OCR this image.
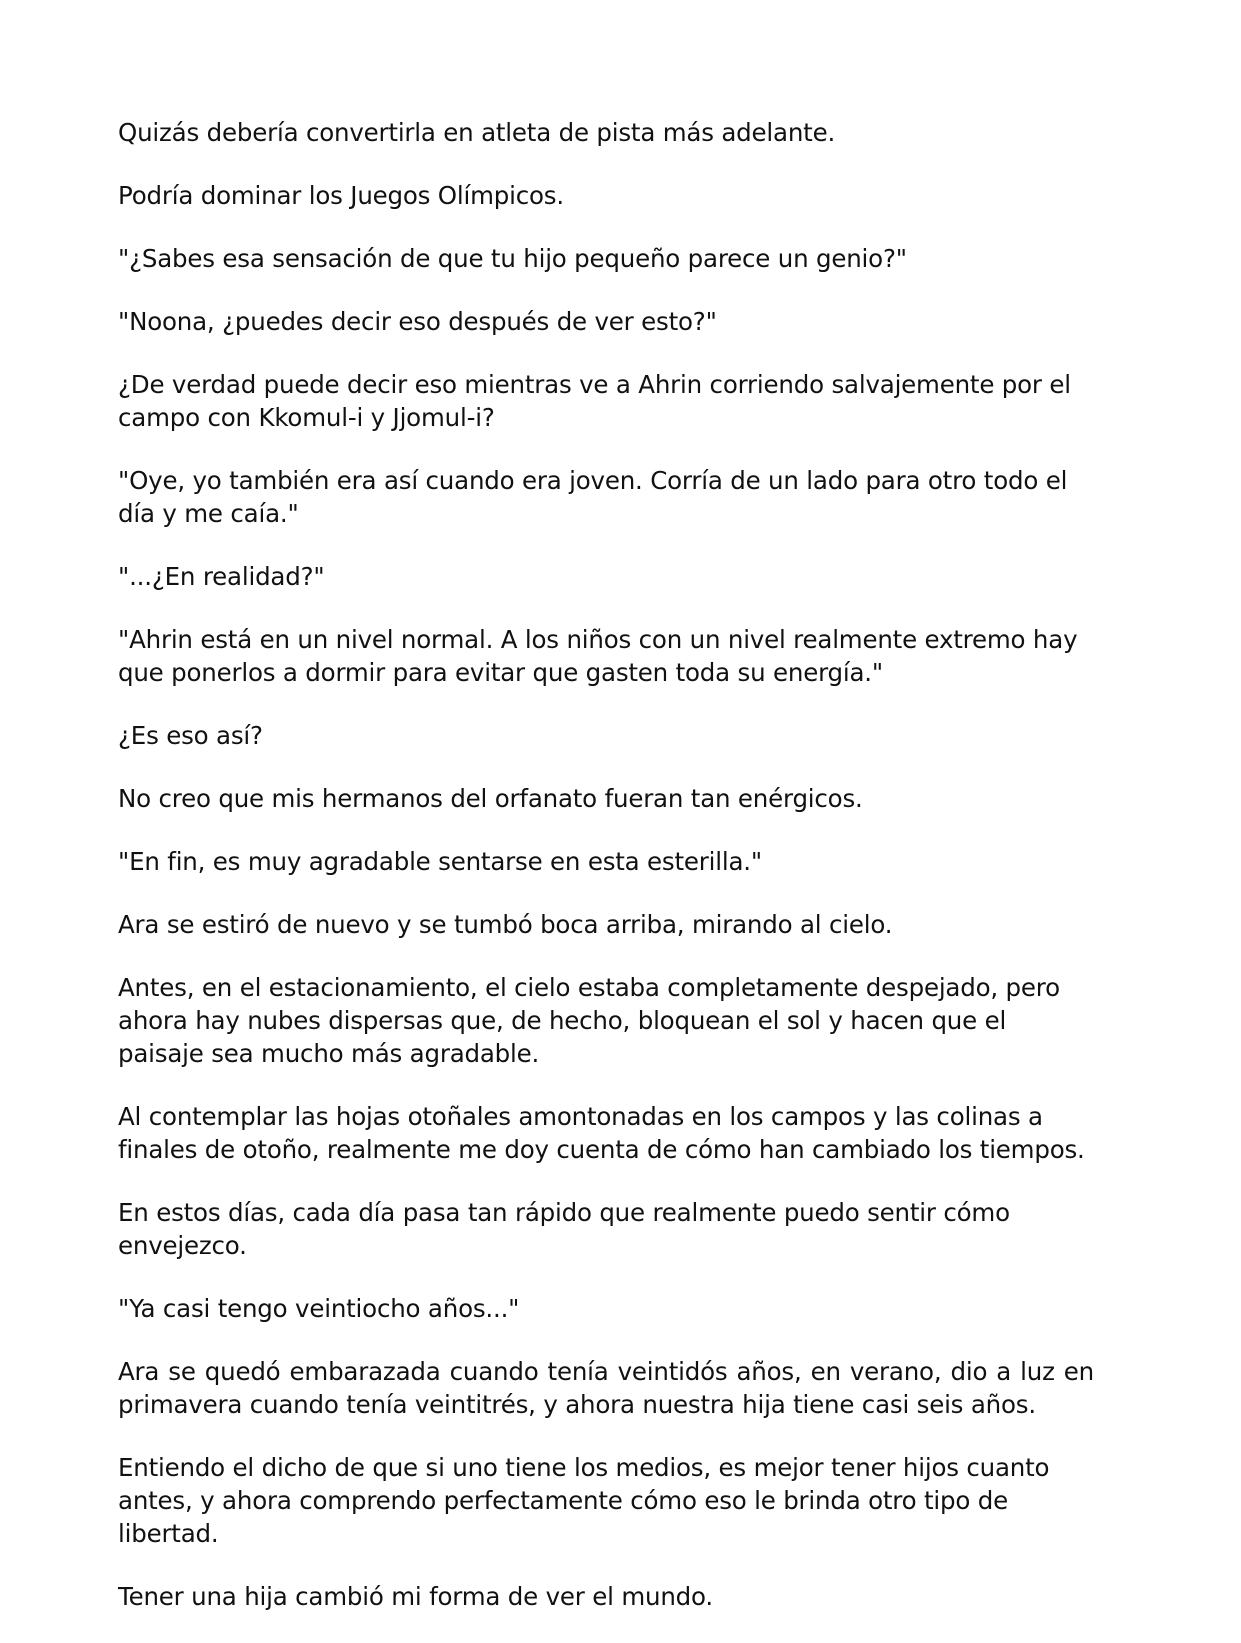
Quizás debería convertirla en atleta de pista más adelante.

Podría dominar los Juegos Olímpicos.

"¿Sabes esa sensación de que tu hijo pequeño parece un genio?"

"Noona, ¿puedes decir eso después de ver esto?"

¿De verdad puede decir eso mientras ve a Ahrin corriendo salvajemente por el campo con Kkomul-i y Jjomul-i?

"Oye, yo también era así cuando era joven. Corría de un lado para otro todo el día y me caía."

"...¿En realidad?"

"Ahrin está en un nivel normal. A los niños con un nivel realmente extremo hay que ponerlos a dormir para evitar que gasten toda su energía."

¿Es eso así?

No creo que mis hermanos del orfanato fueran tan enérgicos.

"En fin, es muy agradable sentarse en esta esterilla."

Ara se estiró de nuevo y se tumbó boca arriba, mirando al cielo.

Antes, en el estacionamiento, el cielo estaba completamente despejado, pero ahora hay nubes dispersas que, de hecho, bloquean el sol y hacen que el paisaje sea mucho más agradable.

Al contemplar las hojas otoñales amontonadas en los campos y las colinas a finales de otoño, realmente me doy cuenta de cómo han cambiado los tiempos.

En estos días, cada día pasa tan rápido que realmente puedo sentir cómo envejezco.

"Ya casi tengo veintiocho años..."

Ara se quedó embarazada cuando tenía veintidós años, en verano, dio a luz en primavera cuando tenía veintitrés, y ahora nuestra hija tiene casi seis años.

Entiendo el dicho de que si uno tiene los medios, es mejor tener hijos cuanto antes, y ahora comprendo perfectamente cómo eso le brinda otro tipo de libertad.

Tener una hija cambió mi forma de ver el mundo.
